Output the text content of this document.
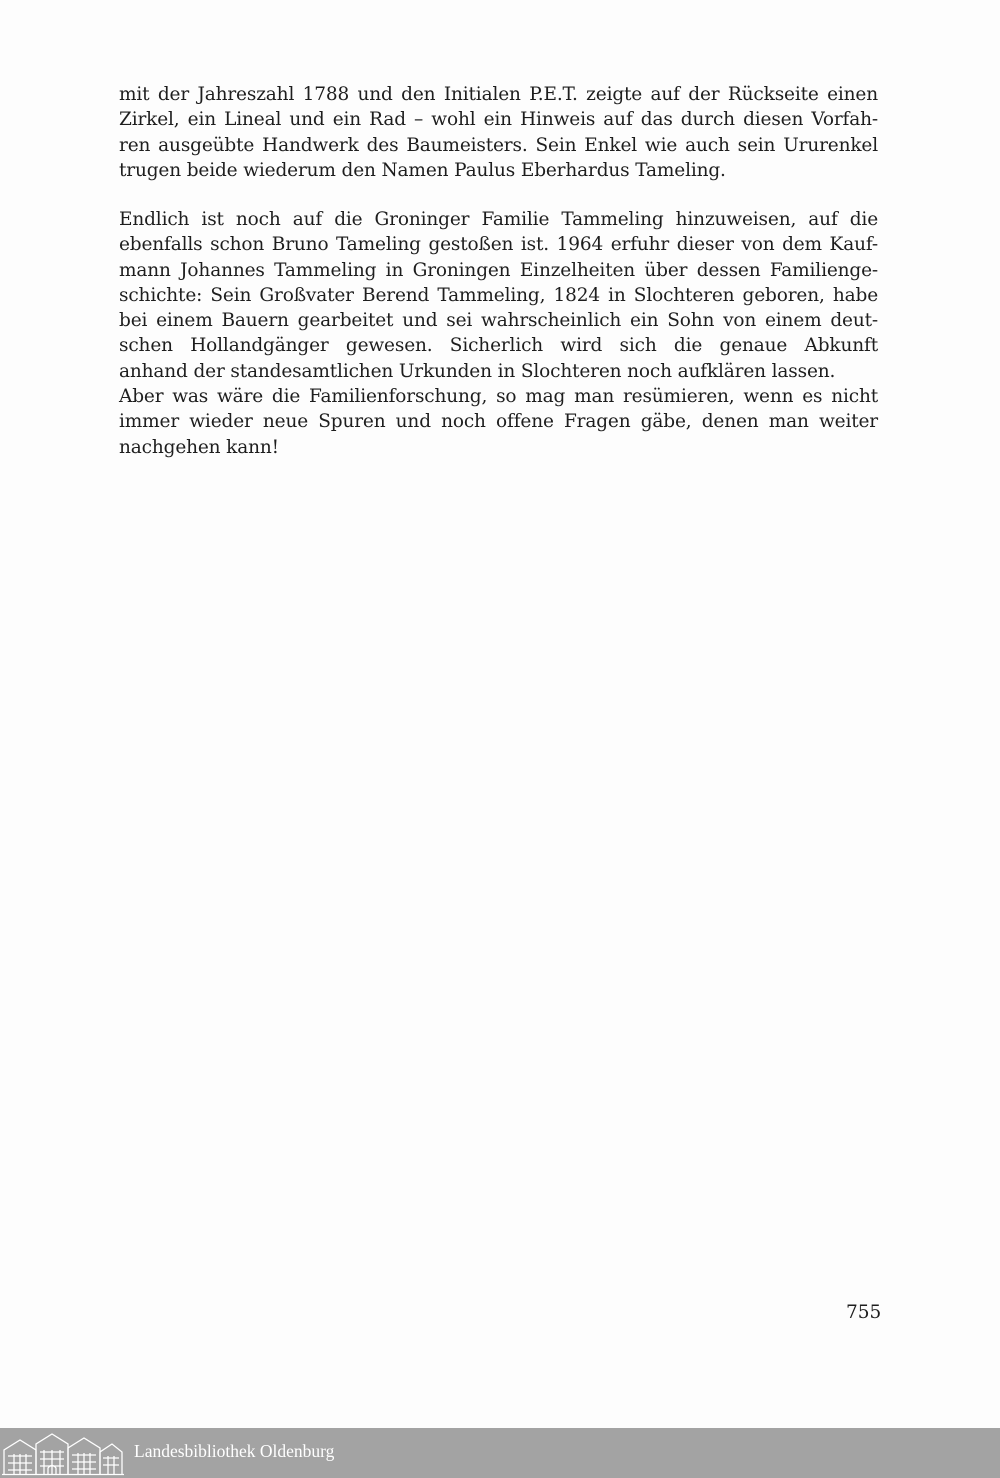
mit der Jahreszahl 1788 und den Initialen P.E.T. zeigte auf der Rückseite einen
Zirkel, ein Lineal und ein Rad – wohl ein Hinweis auf das durch diesen Vorfah-
ren ausgeübte Handwerk des Baumeisters. Sein Enkel wie auch sein Ururenkel
trugen beide wiederum den Namen Paulus Eberhardus Tameling.
Endlich ist noch auf die Groninger Familie Tammeling hinzuweisen, auf die
ebenfalls schon Bruno Tameling gestoßen ist. 1964 erfuhr dieser von dem Kauf-
mann Johannes Tammeling in Groningen Einzelheiten über dessen Familienge-
schichte: Sein Großvater Berend Tammeling, 1824 in Slochteren geboren, habe
bei einem Bauern gearbeitet und sei wahrscheinlich ein Sohn von einem deut-
schen Hollandgänger gewesen. Sicherlich wird sich die genaue Abkunft
anhand der standesamtlichen Urkunden in Slochteren noch aufklären lassen.
Aber was wäre die Familienforschung, so mag man resümieren, wenn es nicht
immer wieder neue Spuren und noch offene Fragen gäbe, denen man weiter
nachgehen kann!
755
Landesbibliothek Oldenburg
